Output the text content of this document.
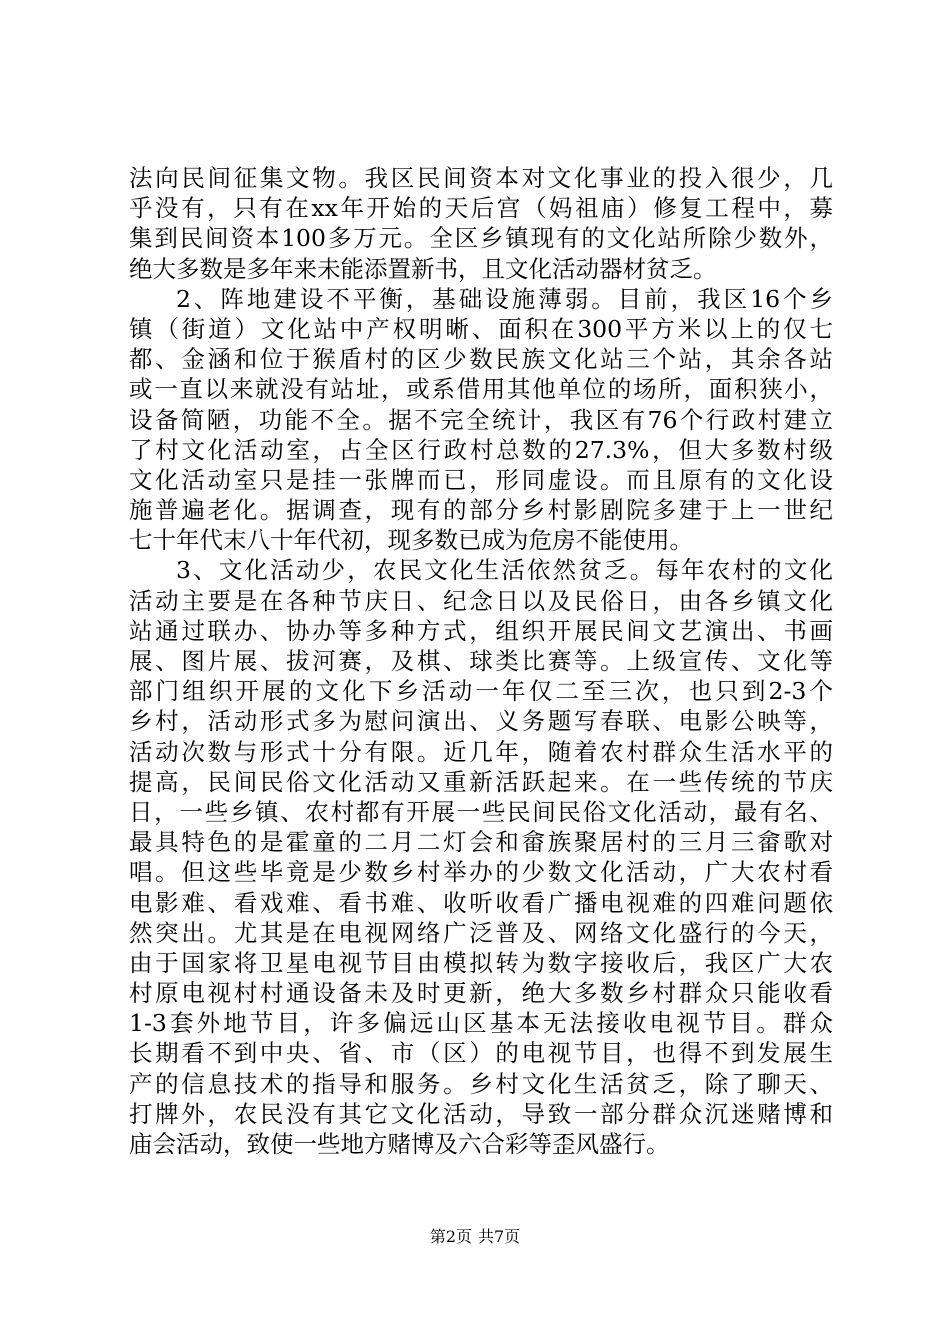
法向民间征集文物。我区民间资本对文化事业的投入很少，几
乎没有，只有在xx年开始的天后宫（妈祖庙）修复工程中，募
集到民间资本100多万元。全区乡镇现有的文化站所除少数外，
绝大多数是多年来未能添置新书，且文化活动器材贫乏。
2、阵地建设不平衡，基础设施薄弱。目前，我区16个乡
镇（街道）文化站中产权明晰、面积在300平方米以上的仅七
都、金涵和位于猴盾村的区少数民族文化站三个站，其余各站
或一直以来就没有站址，或系借用其他单位的场所，面积狭小，
设备简陋，功能不全。据不完全统计，我区有76个行政村建立
了村文化活动室，占全区行政村总数的27.3%，但大多数村级
文化活动室只是挂一张牌而已，形同虚设。而且原有的文化设
施普遍老化。据调查，现有的部分乡村影剧院多建于上一世纪
七十年代末八十年代初，现多数已成为危房不能使用。
3、文化活动少，农民文化生活依然贫乏。每年农村的文化
活动主要是在各种节庆日、纪念日以及民俗日，由各乡镇文化
站通过联办、协办等多种方式，组织开展民间文艺演出、书画
展、图片展、拔河赛，及棋、球类比赛等。上级宣传、文化等
部门组织开展的文化下乡活动一年仅二至三次，也只到2-3个
乡村，活动形式多为慰问演出、义务题写春联、电影公映等，
活动次数与形式十分有限。近几年，随着农村群众生活水平的
提高，民间民俗文化活动又重新活跃起来。在一些传统的节庆
日，一些乡镇、农村都有开展一些民间民俗文化活动，最有名、
最具特色的是霍童的二月二灯会和畲族聚居村的三月三畲歌对
唱。但这些毕竟是少数乡村举办的少数文化活动，广大农村看
电影难、看戏难、看书难、收听收看广播电视难的四难问题依
然突出。尤其是在电视网络广泛普及、网络文化盛行的今天，
由于国家将卫星电视节目由模拟转为数字接收后，我区广大农
村原电视村村通设备未及时更新，绝大多数乡村群众只能收看
1-3套外地节目，许多偏远山区基本无法接收电视节目。群众
长期看不到中央、省、市（区）的电视节目，也得不到发展生
产的信息技术的指导和服务。乡村文化生活贫乏，除了聊天、
打牌外，农民没有其它文化活动，导致一部分群众沉迷赌博和
庙会活动，致使一些地方赌博及六合彩等歪风盛行。
第2页 共7页
